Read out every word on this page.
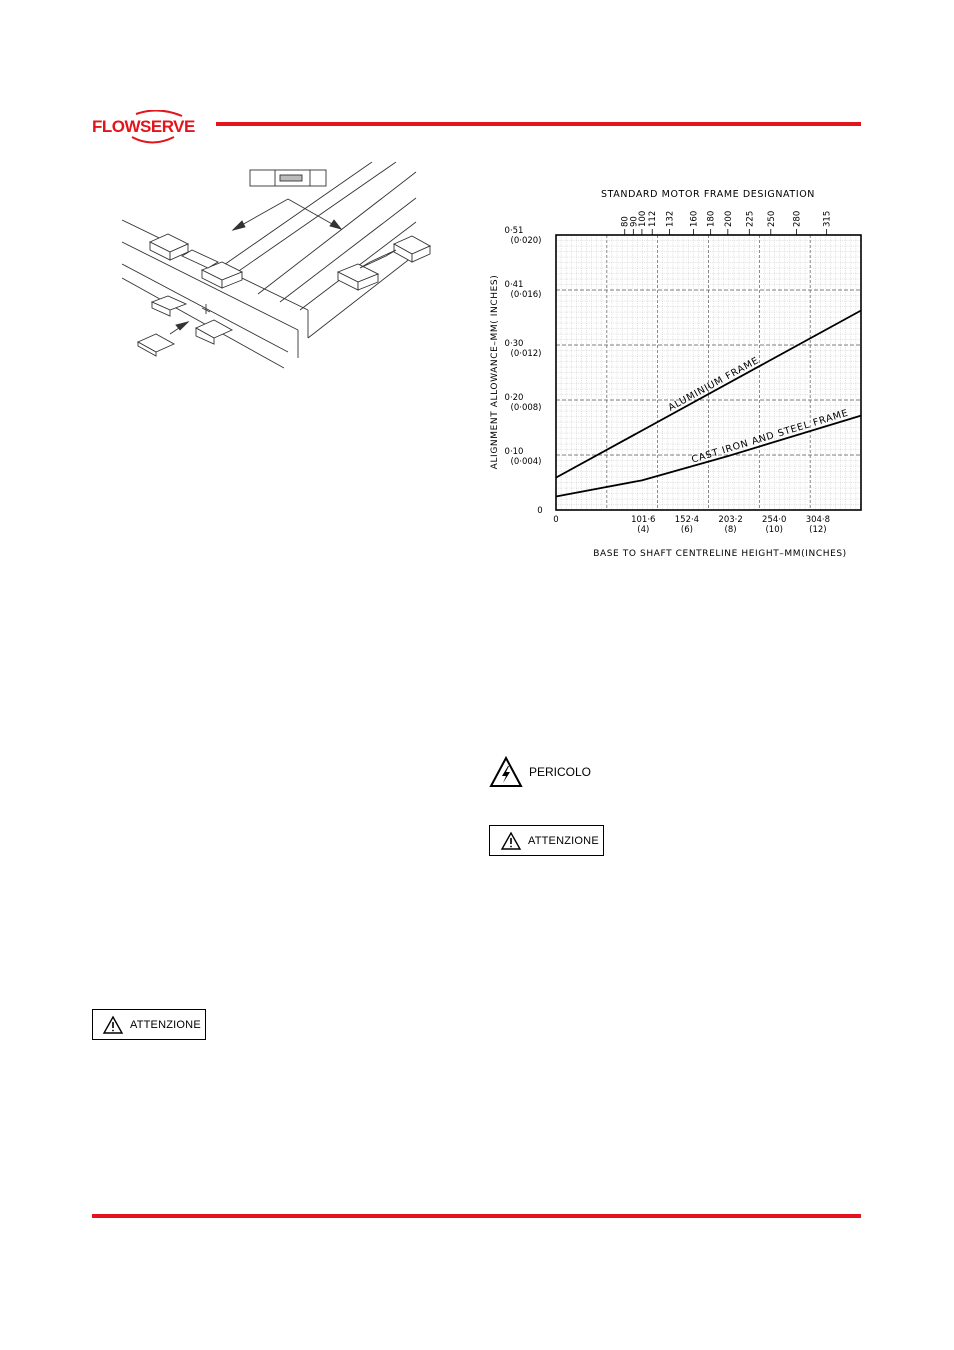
FLOWSERVE
STANDARD MOTOR FRAME DESIGNATION
80
90
100 112 132 160 180 200 225 250 280 315
0
0·10
(0·004)
0·20
(0·008)
0·30
(0·012)
0·41
(0·016)
0·51
(0·020)
0	101·6
(4)
152·4
(6)
203·2
(8)
254·0
(10)
304·8
(12)
BASE TO SHAFT CENTRELINE HEIGHT–MM(INCHES)
ALIGNMENT ALLOWANCE–MM( INCHES)	ALUMINIUM FRAME
CAST IRON AND STEEL FRAME
PERICOLO
ATTENZIONE
ATTENZIONE
